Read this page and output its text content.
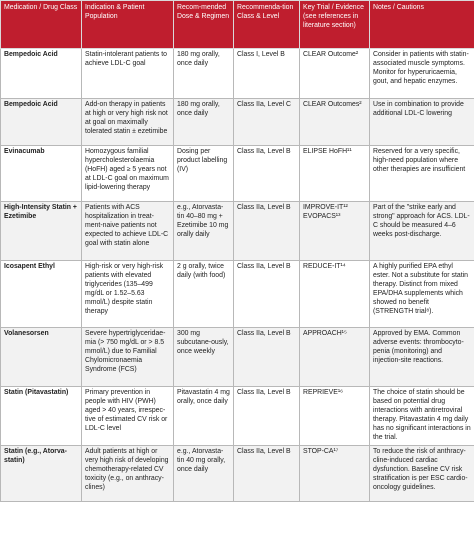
Medication / Drug Class	Indication & Patient Population	Recom-mended Dose & Regimen	Recommenda-tion Class & Level	Key Trial / Evidence (see references in literature section)	Notes / Cautions
Bempedoic Acid	Statin-intolerant patients to achieve LDL-C goal	180 mg orally, once daily	Class I, Level B	CLEAR Outcome²	Consider in patients with statin-associated muscle symptoms. Monitor for hyperuricaemia, gout, and hepatic enzymes.
Bempedoic Acid	Add-on therapy in patients at high or very high risk not at goal on maximally tolerated statin ± ezetimibe	180 mg orally, once daily	Class IIa, Level C	CLEAR Outcomes²	Use in combination to provide additional LDL-C lowering
Evinacumab	Homozygous familial hypercholesterolaemia (HoFH) aged ≥ 5 years not at LDL-C goal on maximum lipid-lowering therapy	Dosing per product labelling (IV)	Class IIa, Level B	ELIPSE HoFH¹¹	Reserved for a very specific, high-need population where other therapies are insufficient
High-Intensity Statin + Ezetimibe	Patients with ACS hospitalization in treat-ment-naive patients not expected to achieve LDL-C goal with statin alone	e.g., Atorvasta-tin 40–80 mg + Ezetimibe 10 mg orally daily	Class IIa, Level B	IMPROVE-IT¹² EVOPACS¹³	Part of the "strike early and strong" approach for ACS. LDL-C should be measured 4–6 weeks post-discharge.
Icosapent Ethyl	High-risk or very high-risk patients with elevated triglycerides (135–499 mg/dL or 1.52–5.63 mmol/L) despite statin therapy	2 g orally, twice daily (with food)	Class IIa, Level B	REDUCE-IT¹⁴	A highly purified EPA ethyl ester. Not a substitute for statin therapy. Distinct from mixed EPA/DHA supplements which showed no benefit (STRENGTH trial⁸).
Volanesorsen	Severe hypertriglyceridae-mia (> 750 mg/dL or > 8.5 mmol/L) due to Familial Chylomicronaemia Syndrome (FCS)	300 mg subcutane-ously, once weekly	Class IIa, Level B	APPROACH¹⁵	Approved by EMA. Common adverse events: thrombocyto-penia (monitoring) and injection-site reactions.
Statin (Pitavastatin)	Primary prevention in people with HIV (PWH) aged > 40 years, irrespec-tive of estimated CV risk or LDL-C level	Pitavastatin 4 mg orally, once daily	Class IIa, Level B	REPRIEVE¹⁶	The choice of statin should be based on potential drug interactions with antiretroviral therapy. Pitavastatin 4 mg daily has no significant interactions in the trial.
Statin (e.g., Atorva-statin)	Adult patients at high or very high risk of developing chemotherapy-related CV toxicity (e.g., on anthracy-clines)	e.g., Atorvasta-tin 40 mg orally, once daily	Class IIa, Level B	STOP-CA¹⁷	To reduce the risk of anthracy-cline-induced cardiac dysfunction. Baseline CV risk stratification is per ESC cardio-oncology guidelines.
